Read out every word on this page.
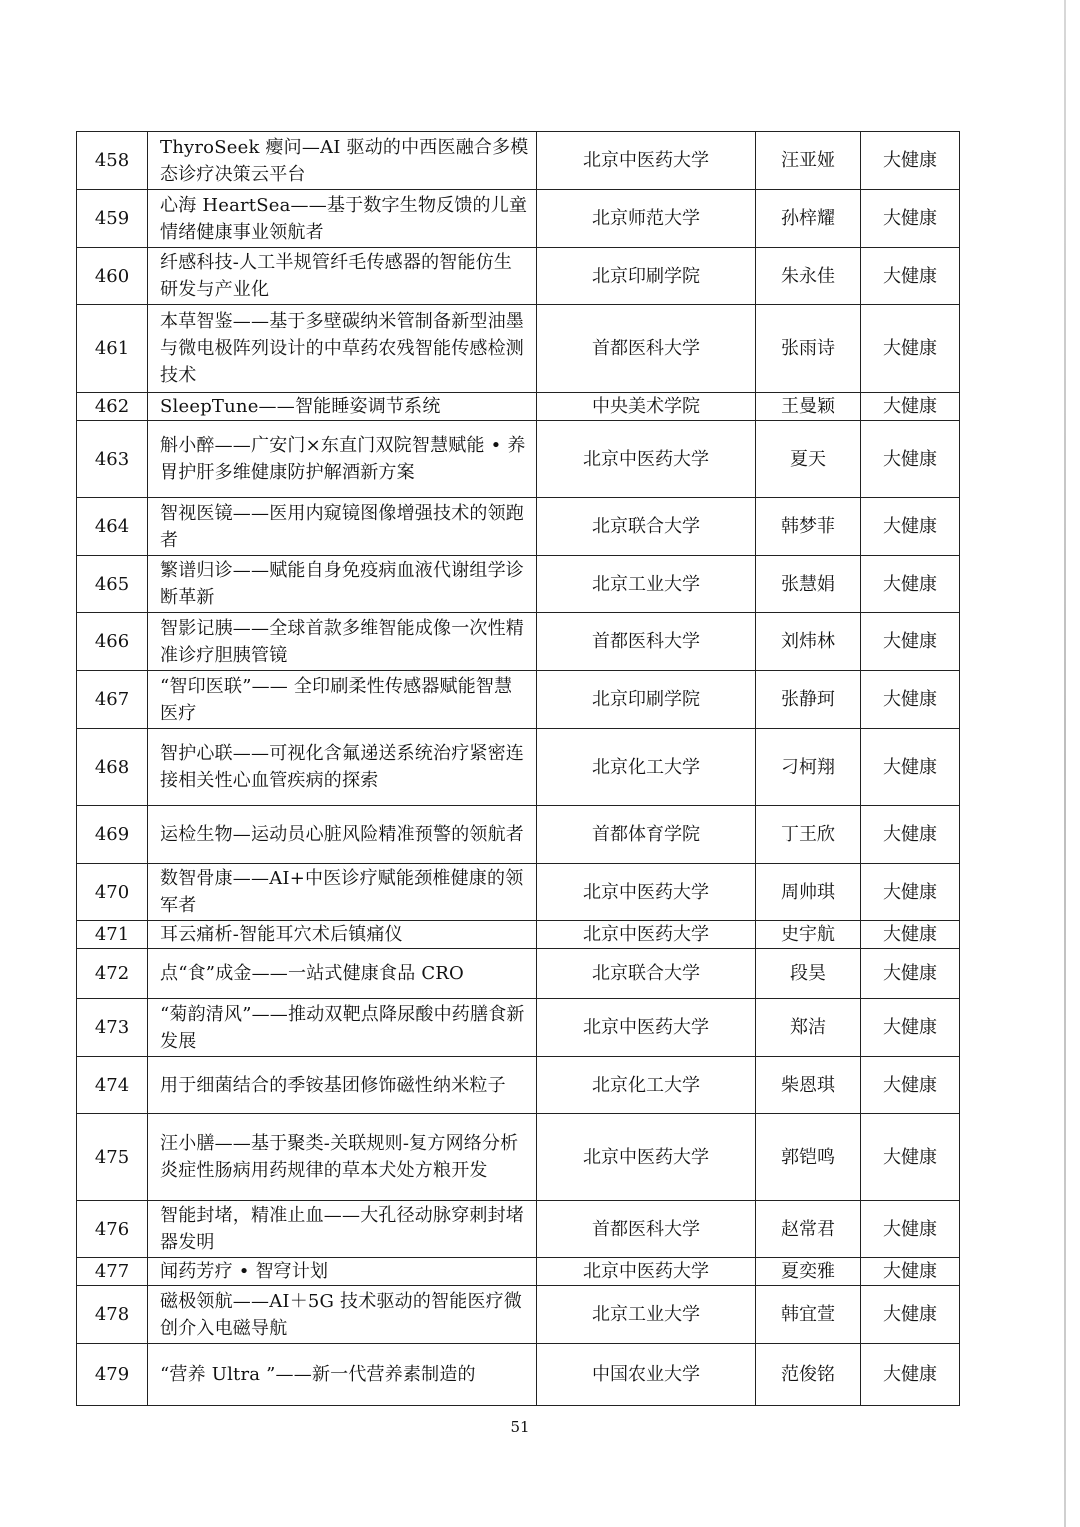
458	ThyroSeek 瘿问—AI 驱动的中西医融合多模态诊疗决策云平台	北京中医药大学	汪亚娅	大健康
459	心海 HeartSea——基于数字生物反馈的儿童情绪健康事业领航者	北京师范大学	孙梓耀	大健康
460	纤感科技-人工半规管纤毛传感器的智能仿生研发与产业化	北京印刷学院	朱永佳	大健康
461	本草智鉴——基于多壁碳纳米管制备新型油墨与微电极阵列设计的中草药农残智能传感检测技术	首都医科大学	张雨诗	大健康
462	SleepTune——智能睡姿调节系统	中央美术学院	王曼颖	大健康
463	斛小醉——广安门×东直门双院智慧赋能 • 养胃护肝多维健康防护解酒新方案	北京中医药大学	夏天	大健康
464	智视医镜——医用内窥镜图像增强技术的领跑者	北京联合大学	韩梦菲	大健康
465	繁谱归诊——赋能自身免疫病血液代谢组学诊断革新	北京工业大学	张慧娟	大健康
466	智影记胰——全球首款多维智能成像一次性精准诊疗胆胰管镜	首都医科大学	刘炜林	大健康
467	“智印医联”—— 全印刷柔性传感器赋能智慧医疗	北京印刷学院	张静珂	大健康
468	智护心联——可视化含氟递送系统治疗紧密连接相关性心血管疾病的探索	北京化工大学	刁柯翔	大健康
469	运检生物—运动员心脏风险精准预警的领航者	首都体育学院	丁王欣	大健康
470	数智骨康——AI+中医诊疗赋能颈椎健康的领军者	北京中医药大学	周帅琪	大健康
471	耳云痛析-智能耳穴术后镇痛仪	北京中医药大学	史宇航	大健康
472	点“食”成金——一站式健康食品 CRO	北京联合大学	段昊	大健康
473	“菊韵清风”——推动双靶点降尿酸中药膳食新发展	北京中医药大学	郑洁	大健康
474	用于细菌结合的季铵基团修饰磁性纳米粒子	北京化工大学	柴恩琪	大健康
475	汪小膳——基于聚类-关联规则-复方网络分析炎症性肠病用药规律的草本犬处方粮开发	北京中医药大学	郭铠鸣	大健康
476	智能封堵，精准止血——大孔径动脉穿刺封堵器发明	首都医科大学	赵常君	大健康
477	闻药芳疗 • 智穹计划	北京中医药大学	夏奕雅	大健康
478	磁极领航——AI＋5G 技术驱动的智能医疗微创介入电磁导航	北京工业大学	韩宜萱	大健康
479	“营养 Ultra ”——新一代营养素制造的	中国农业大学	范俊铭	大健康
51
